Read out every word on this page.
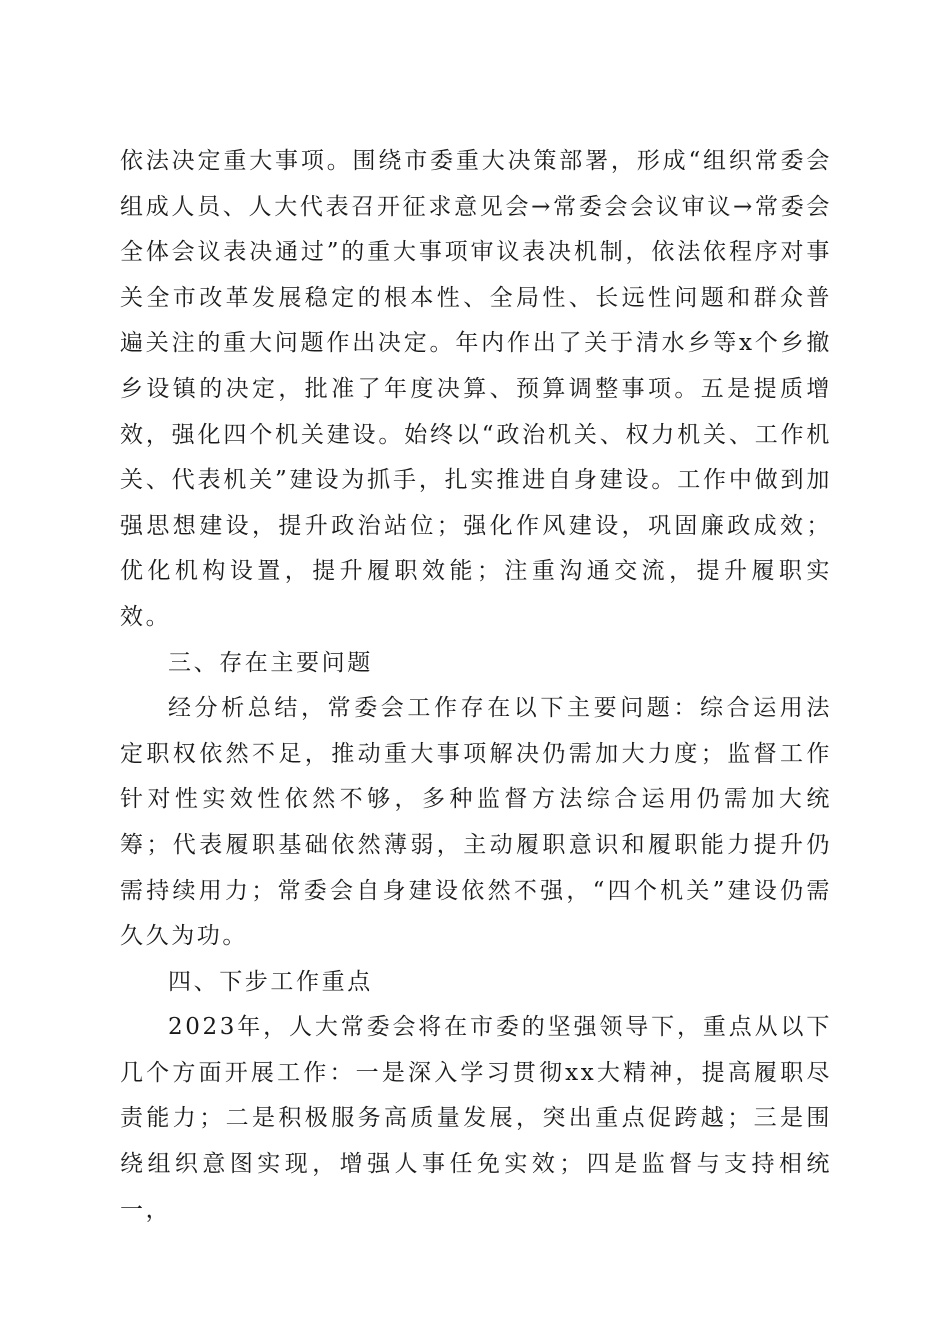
依法决定重大事项。围绕市委重大决策部署，形成“组织常委会组成人员、人大代表召开征求意见会→常委会会议审议→常委会全体会议表决通过”的重大事项审议表决机制，依法依程序对事关全市改革发展稳定的根本性、全局性、长远性问题和群众普遍关注的重大问题作出决定。年内作出了关于清水乡等x个乡撤乡设镇的决定，批准了年度决算、预算调整事项。五是提质增效，强化四个机关建设。始终以“政治机关、权力机关、工作机关、代表机关”建设为抓手，扎实推进自身建设。工作中做到加强思想建设，提升政治站位；强化作风建设，巩固廉政成效；优化机构设置，提升履职效能；注重沟通交流，提升履职实效。

三、存在主要问题

经分析总结，常委会工作存在以下主要问题：综合运用法定职权依然不足，推动重大事项解决仍需加大力度；监督工作针对性实效性依然不够，多种监督方法综合运用仍需加大统筹；代表履职基础依然薄弱，主动履职意识和履职能力提升仍需持续用力；常委会自身建设依然不强，“四个机关”建设仍需久久为功。

四、下步工作重点

2023年，人大常委会将在市委的坚强领导下，重点从以下几个方面开展工作：一是深入学习贯彻xx大精神，提高履职尽责能力；二是积极服务高质量发展，突出重点促跨越；三是围绕组织意图实现，增强人事任免实效；四是监督与支持相统一，
